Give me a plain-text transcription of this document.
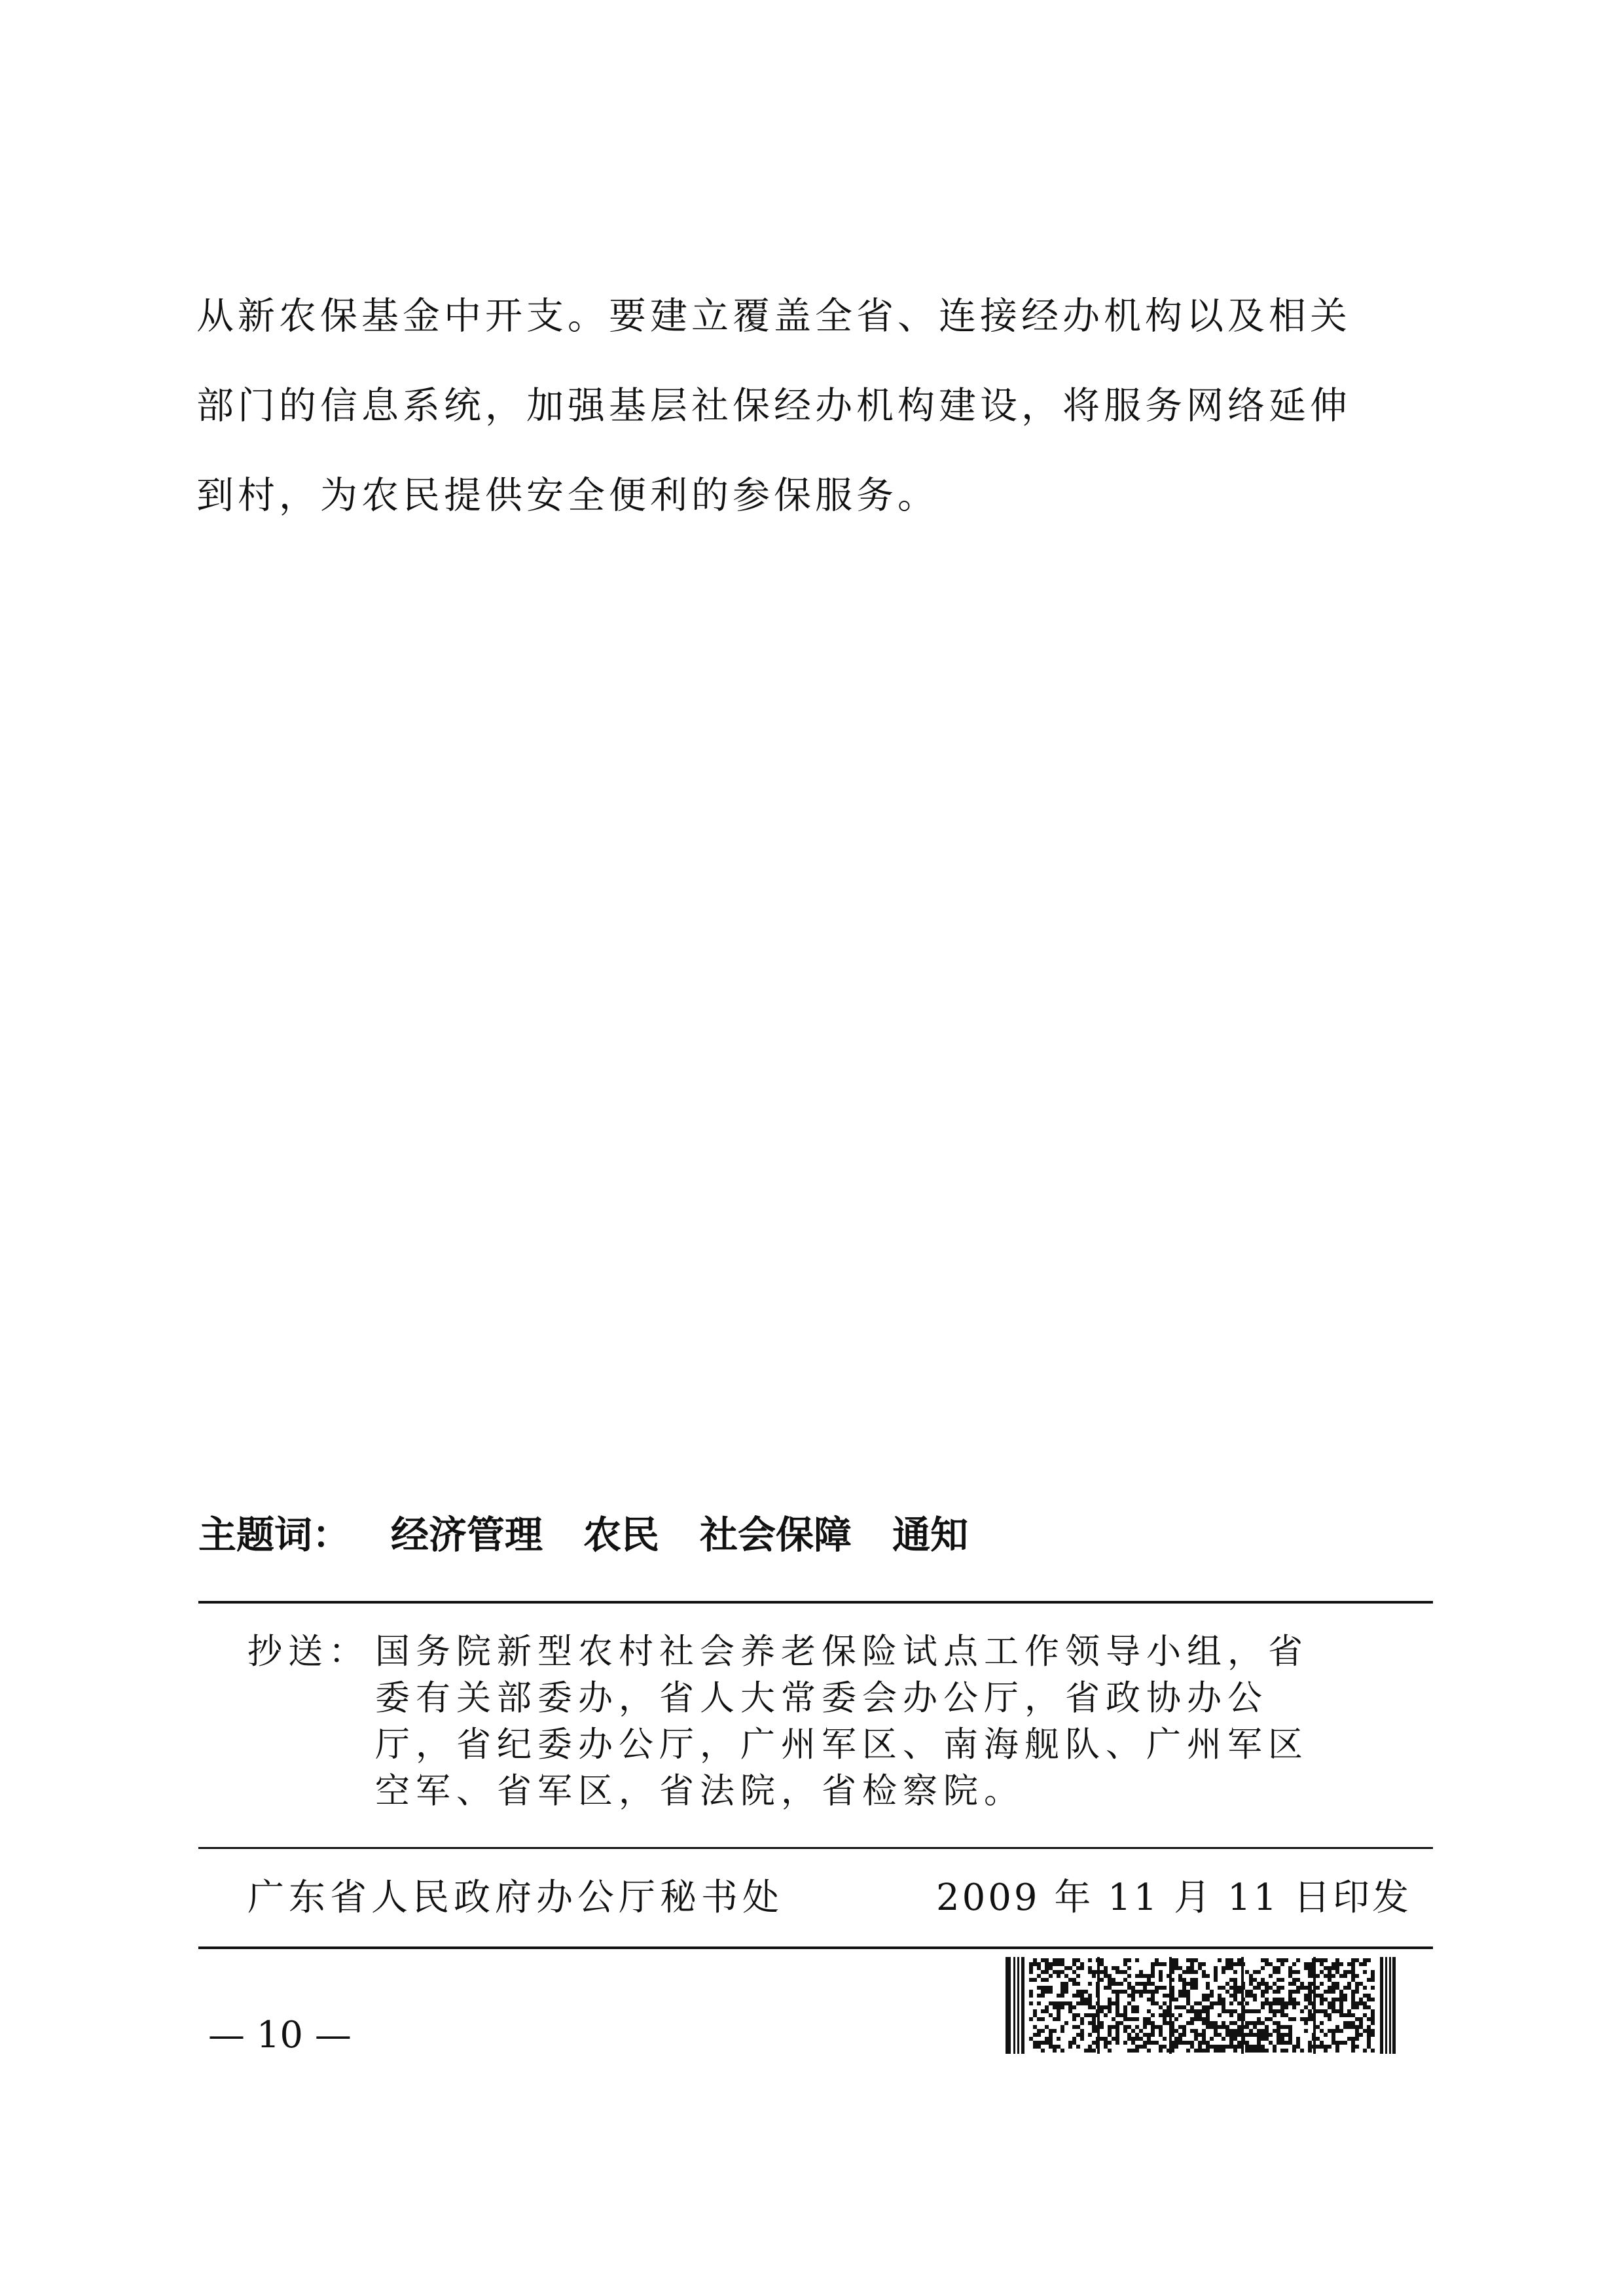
从新农保基金中开支。要建立覆盖全省、连接经办机构以及相关
部门的信息系统，加强基层社保经办机构建设，将服务网络延伸
到村，为农民提供安全便利的参保服务。
主题词： 经济管理 农民 社会保障 通知
抄送： 国务院新型农村社会养老保险试点工作领导小组，省
委有关部委办，省人大常委会办公厅，省政协办公
厅，省纪委办公厅，广州军区、南海舰队、广州军区
空军、省军区，省法院，省检察院。
广东省人民政府办公厅秘书处	2009 年 11 月 11 日印发
— 10 —
